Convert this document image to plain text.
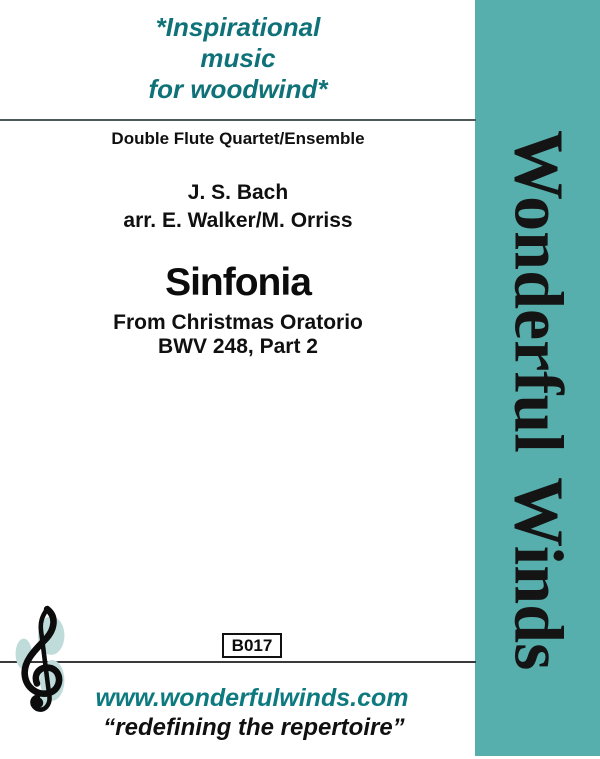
Wonderful Winds
*Inspirational
music
for woodwind*
Double Flute Quartet/Ensemble
J. S. Bach
arr. E. Walker/M. Orriss
Sinfonia
From Christmas Oratorio
BWV 248, Part 2
B017
www.wonderfulwinds.com
“redefining the repertoire”
